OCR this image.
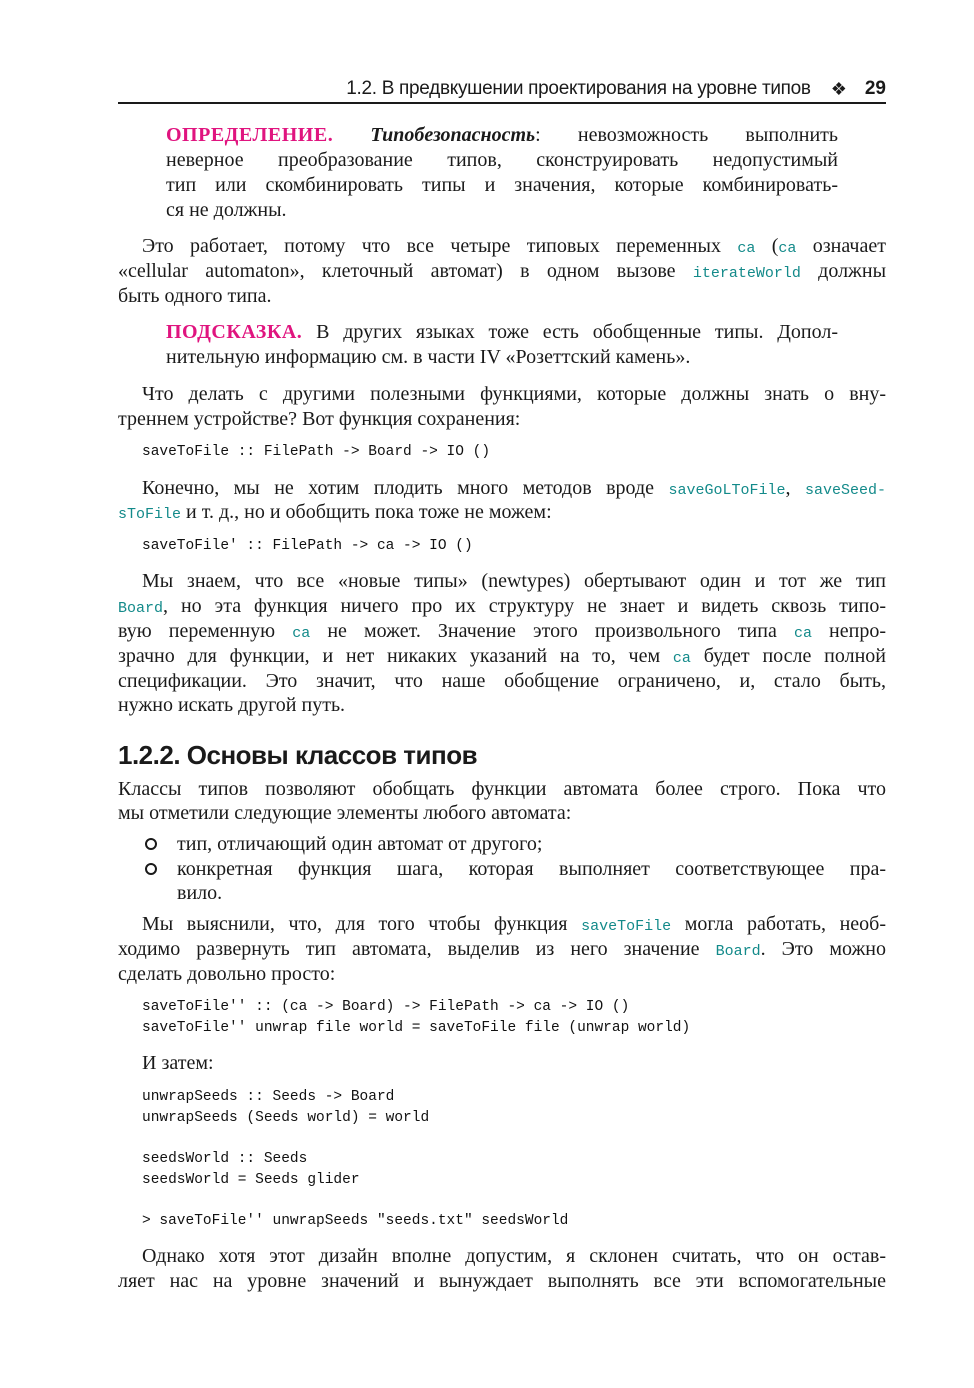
1.2. В предвкушении проектирования на уровне типов ❖ 29
ОПРЕДЕЛЕНИЕ. Типобезопасность: невозможность выполнить
неверное преобразование типов, сконструировать недопустимый
тип или скомбинировать типы и значения, которые комбинировать-
ся не должны.
Это работает, потому что все четыре типовых переменных ca (ca означает
«cellular automaton», клеточный автомат) в одном вызове iterateWorld должны
быть одного типа.
ПОДСКАЗКА. В других языках тоже есть обобщенные типы. Допол-
нительную информацию см. в части IV «Розеттский камень».
Что делать с другими полезными функциями, которые должны знать о вну-
треннем устройстве? Вот функция сохранения:
saveToFile :: FilePath -> Board -> IO ()
Конечно, мы не хотим плодить много методов вроде saveGoLToFile, saveSeed-
sToFile и т. д., но и обобщить пока тоже не можем:
saveToFile' :: FilePath -> ca -> IO ()
Мы знаем, что все «новые типы» (newtypes) обертывают один и тот же тип
Board, но эта функция ничего про их структуру не знает и видеть сквозь типо-
вую переменную ca не может. Значение этого произвольного типа ca непро-
зрачно для функции, и нет никаких указаний на то, чем ca будет после полной
спецификации. Это значит, что наше обобщение ограничено, и, стало быть,
нужно искать другой путь.
1.2.2. Основы классов типов
Классы типов позволяют обобщать функции автомата более строго. Пока что
мы отметили следующие элементы любого автомата:
тип, отличающий один автомат от другого;
конкретная функция шага, которая выполняет соответствующее пра-
вило.
Мы выяснили, что, для того чтобы функция saveToFile могла работать, необ-
ходимо развернуть тип автомата, выделив из него значение Board. Это можно
сделать довольно просто:
saveToFile'' :: (ca -> Board) -> FilePath -> ca -> IO ()
saveToFile'' unwrap file world = saveToFile file (unwrap world)
И затем:
unwrapSeeds :: Seeds -> Board
unwrapSeeds (Seeds world) = world
seedsWorld :: Seeds
seedsWorld = Seeds glider
> saveToFile'' unwrapSeeds "seeds.txt" seedsWorld
Однако хотя этот дизайн вполне допустим, я склонен считать, что он остав-
ляет нас на уровне значений и вынуждает выполнять все эти вспомогательные
